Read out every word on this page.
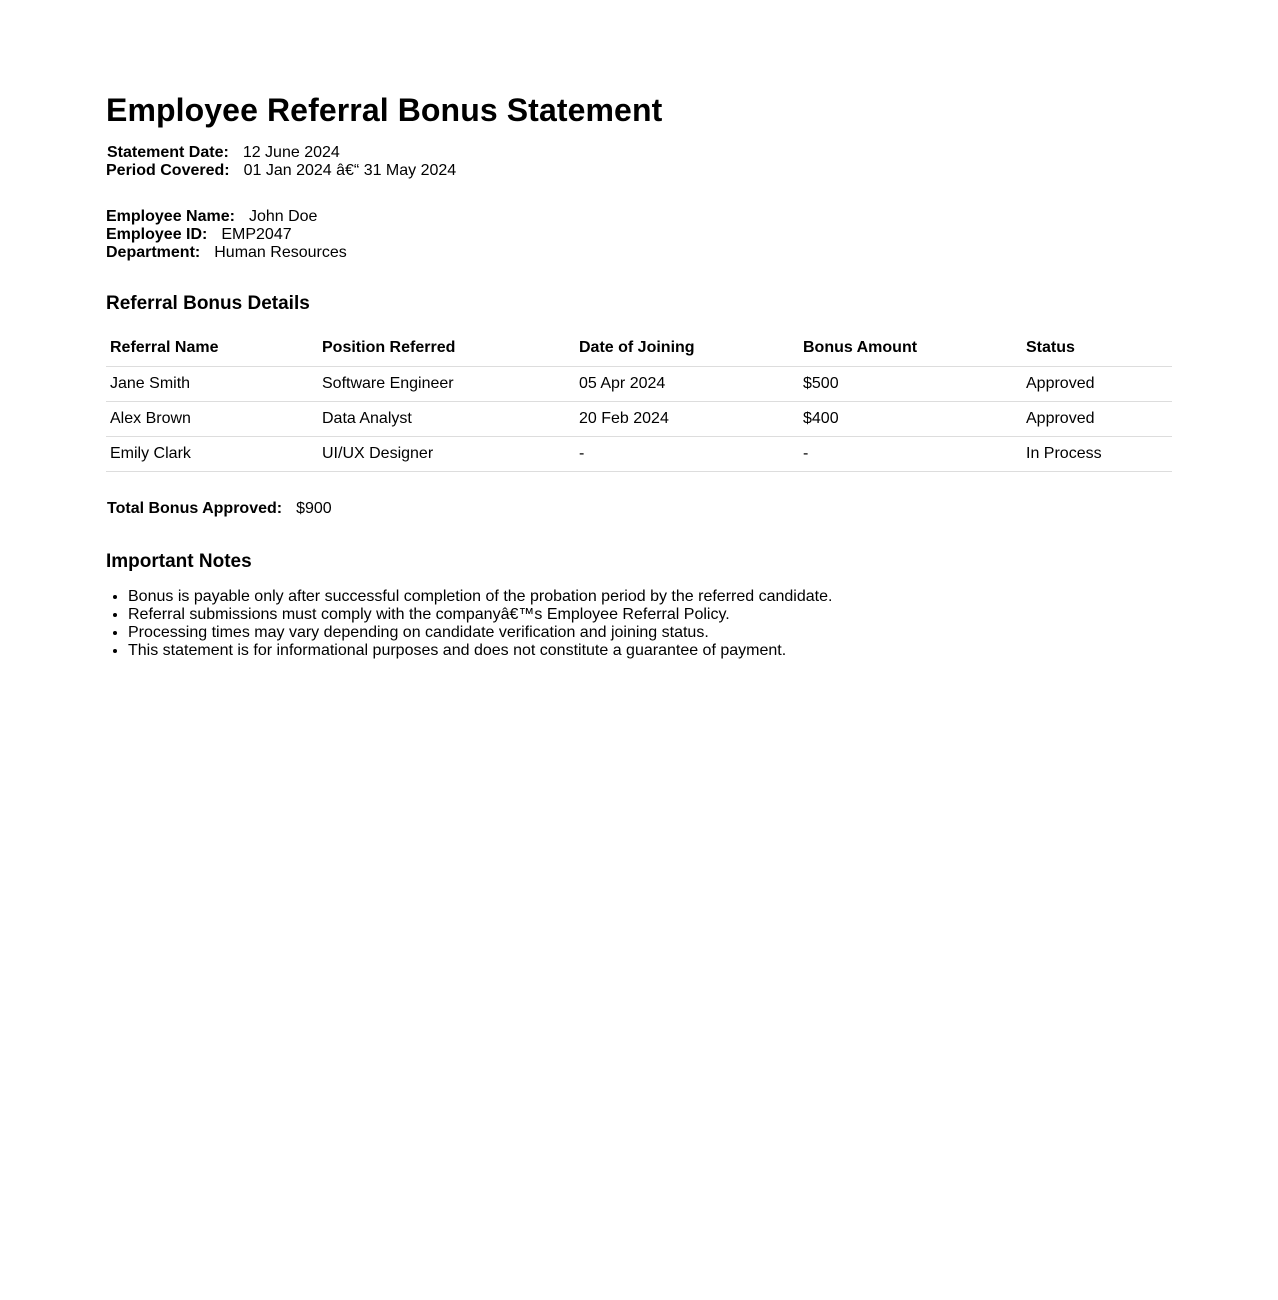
Employee Referral Bonus Statement
Statement Date: 12 June 2024
Period Covered: 01 Jan 2024 â€“ 31 May 2024
Employee Name: John Doe
Employee ID: EMP2047
Department: Human Resources
Referral Bonus Details
Referral Name	Position Referred	Date of Joining	Bonus Amount	Status
Jane Smith	Software Engineer	05 Apr 2024	$500	Approved
Alex Brown	Data Analyst	20 Feb 2024	$400	Approved
Emily Clark	UI/UX Designer	-	-	In Process
Total Bonus Approved: $900
Important Notes
• Bonus is payable only after successful completion of the probation period by the referred candidate.
• Referral submissions must comply with the companyâ€™s Employee Referral Policy.
• Processing times may vary depending on candidate verification and joining status.
• This statement is for informational purposes and does not constitute a guarantee of payment.
